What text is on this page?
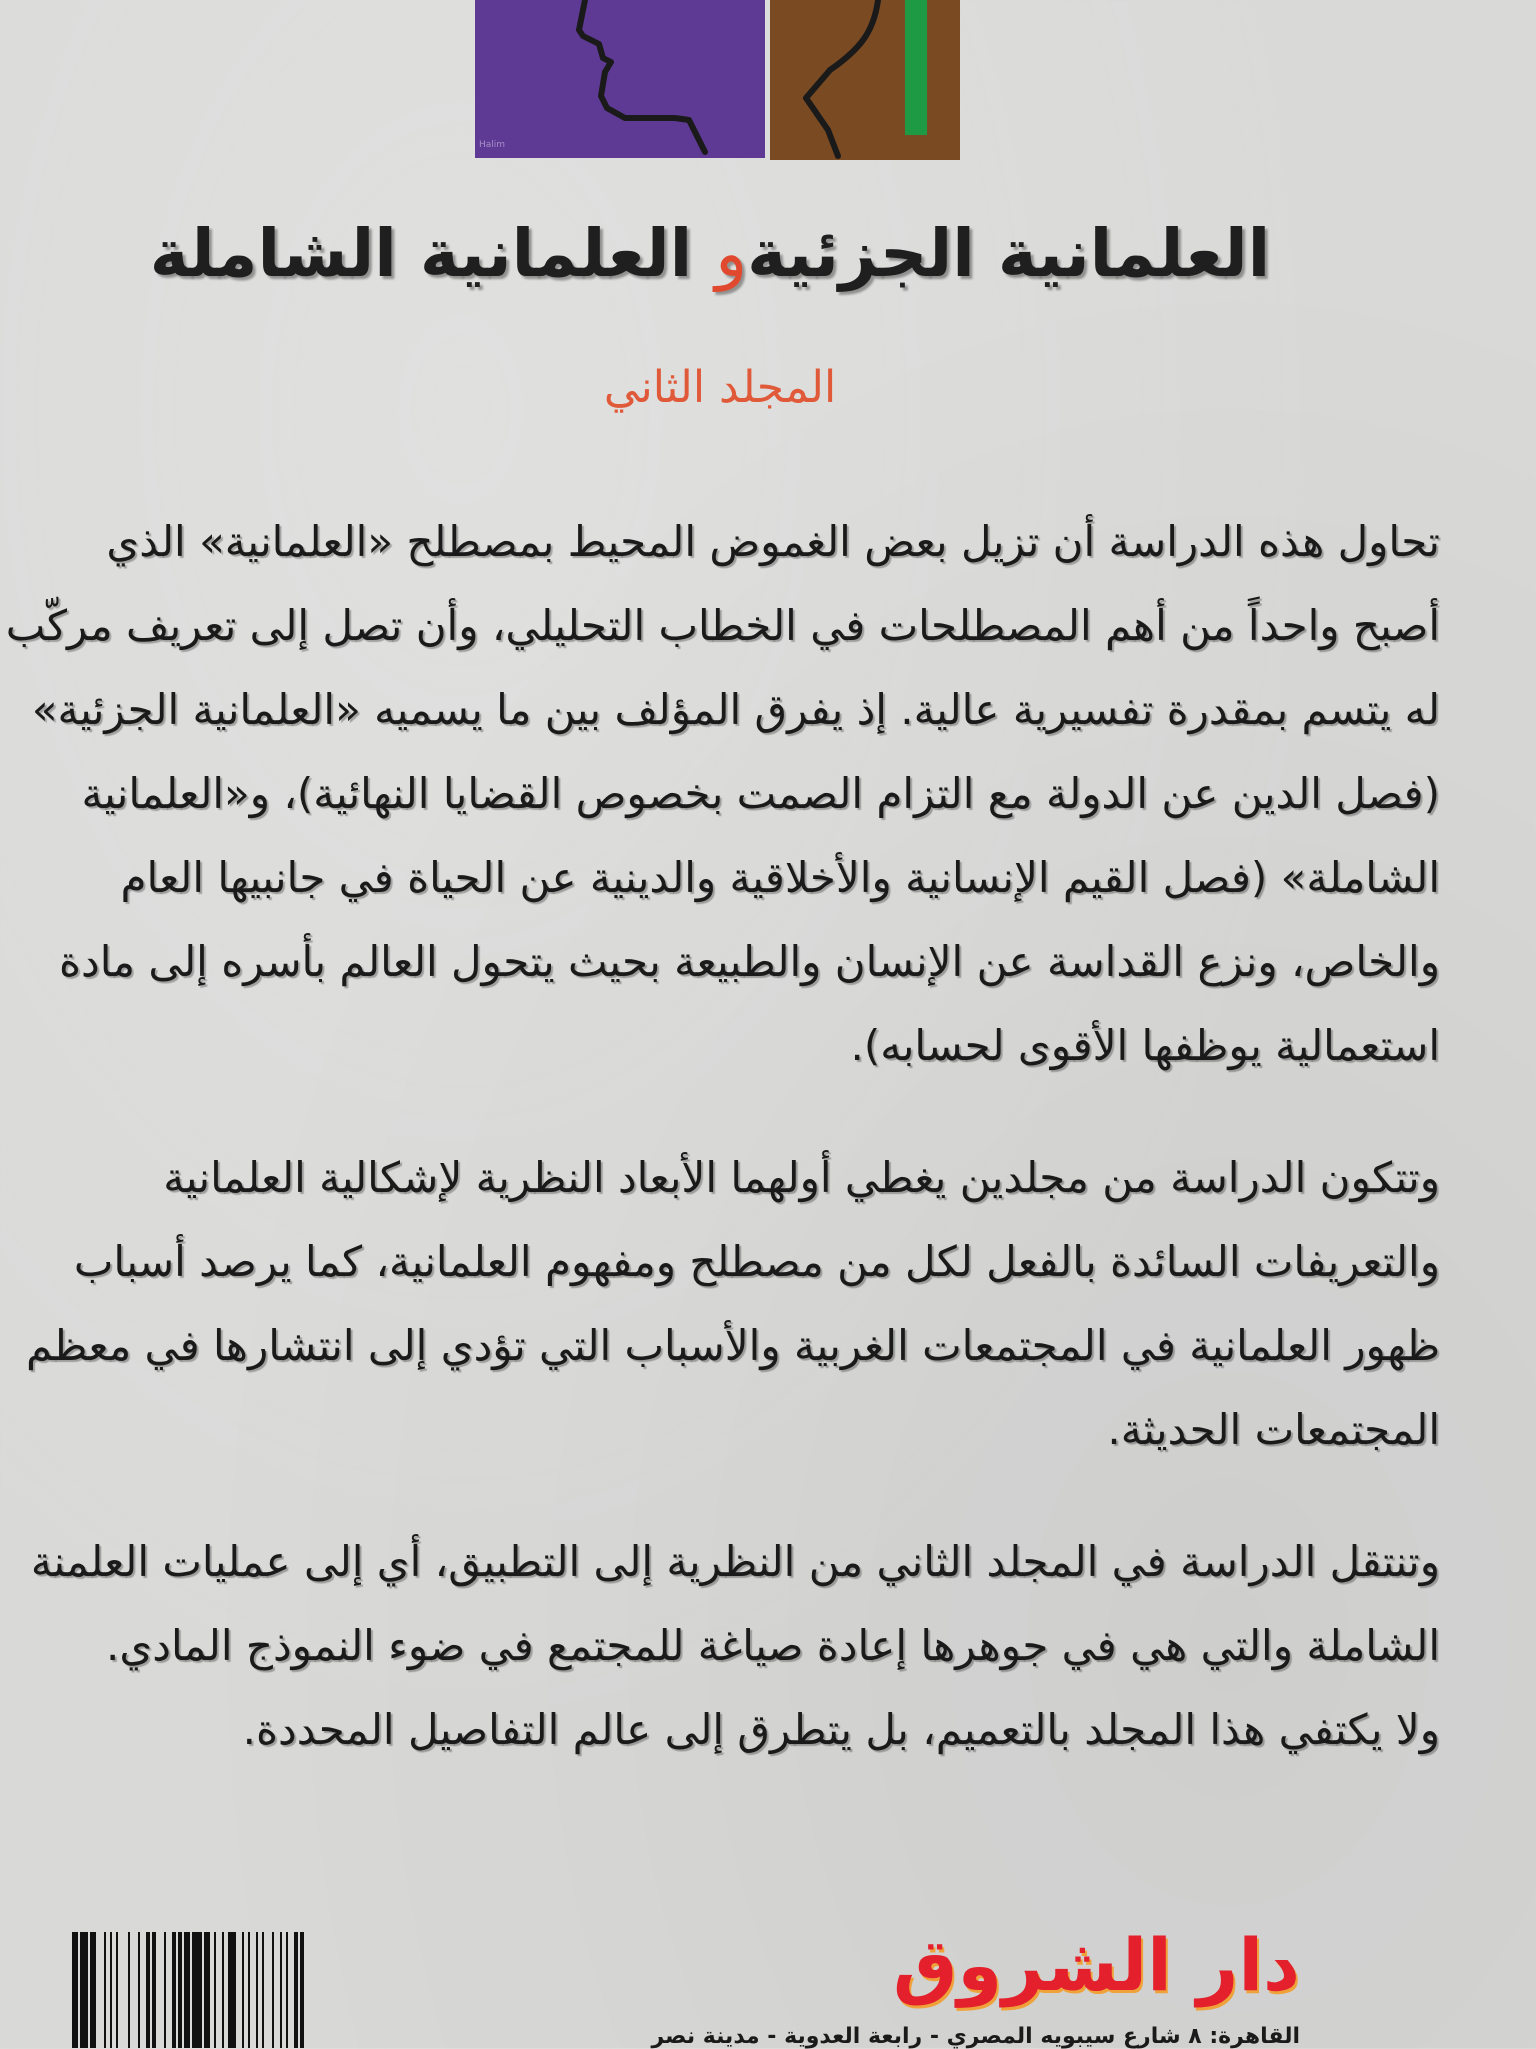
Halim
العلمانية الجزئيةو العلمانية الشاملة
المجلد الثاني
تحاول هذه الدراسة أن تزيل بعض الغموض المحيط بمصطلح «العلمانية» الذي
أصبح واحداً من أهم المصطلحات في الخطاب التحليلي، وأن تصل إلى تعريف مركّب
له يتسم بمقدرة تفسيرية عالية. إذ يفرق المؤلف بين ما يسميه «العلمانية الجزئية»
(فصل الدين عن الدولة مع التزام الصمت بخصوص القضايا النهائية)، و«العلمانية
الشاملة» (فصل القيم الإنسانية والأخلاقية والدينية عن الحياة في جانبيها العام
والخاص، ونزع القداسة عن الإنسان والطبيعة بحيث يتحول العالم بأسره إلى مادة
استعمالية يوظفها الأقوى لحسابه).
وتتكون الدراسة من مجلدين يغطي أولهما الأبعاد النظرية لإشكالية العلمانية
والتعريفات السائدة بالفعل لكل من مصطلح ومفهوم العلمانية، كما يرصد أسباب
ظهور العلمانية في المجتمعات الغربية والأسباب التي تؤدي إلى انتشارها في معظم
المجتمعات الحديثة.
وتنتقل الدراسة في المجلد الثاني من النظرية إلى التطبيق، أي إلى عمليات العلمنة
الشاملة والتي هي في جوهرها إعادة صياغة للمجتمع في ضوء النموذج المادي.
ولا يكتفي هذا المجلد بالتعميم، بل يتطرق إلى عالم التفاصيل المحددة.
دار الشروق
القاهرة: ٨ شارع سيبويه المصري - رابعة العدوية - مدينة نصر
